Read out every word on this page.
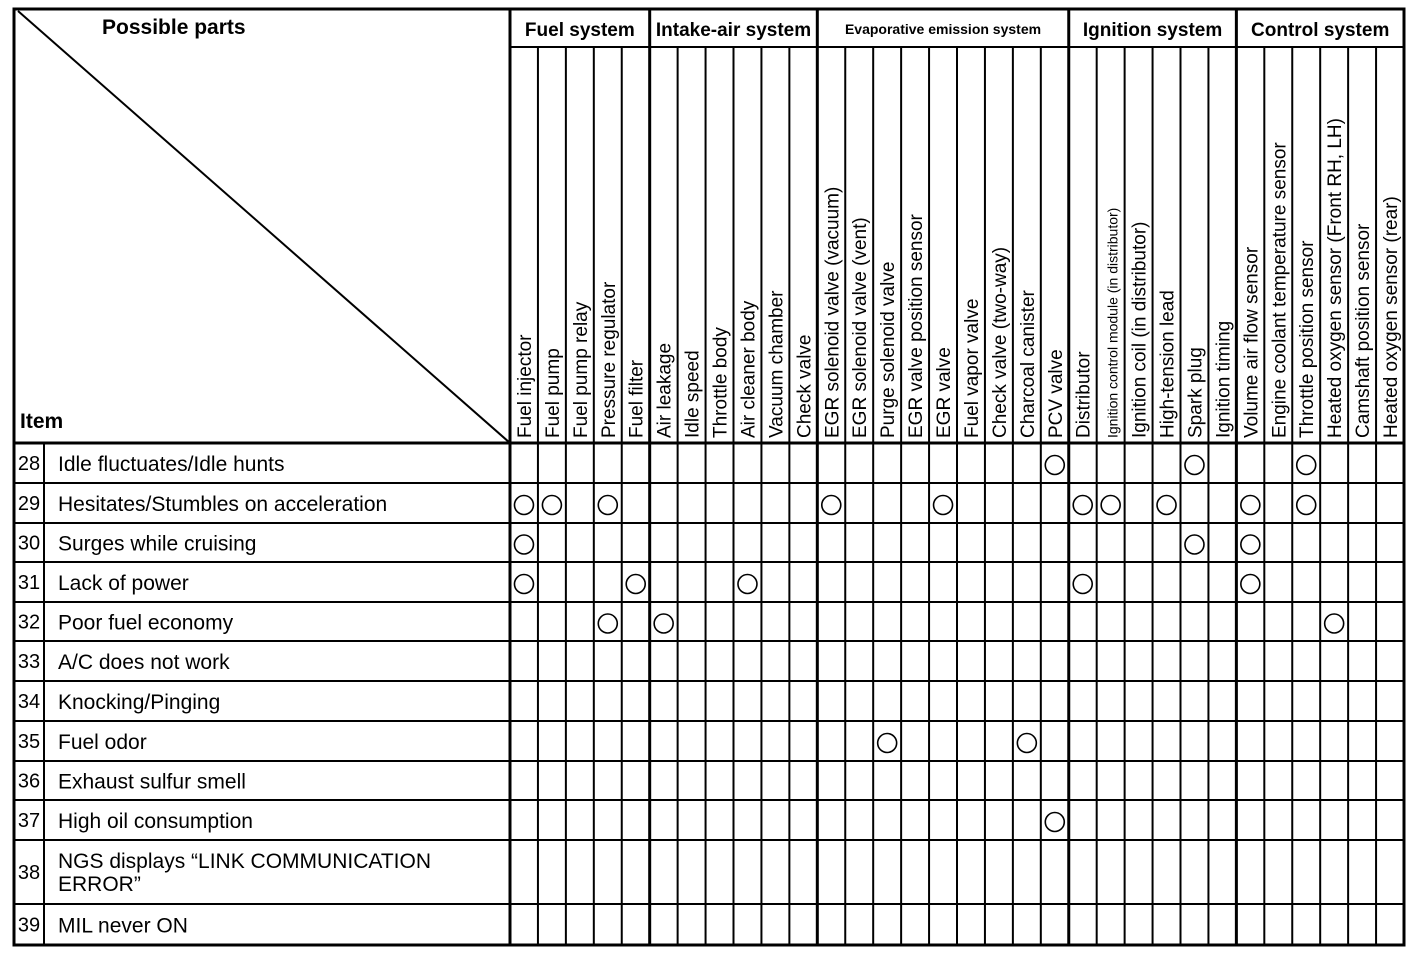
Possible parts
Item
Fuel system Intake-air system Evaporative emission system Ignition system Control system
Fuel injector Fuel pump Fuel pump relay Pressure regulator Fuel filter Air leakage Idle speed Throttle body Air cleaner body Vacuum chamber Check valve EGR solenoid valve (vacuum) EGR solenoid valve (vent) Purge solenoid valve EGR valve position sensor EGR valve Fuel vapor valve Check valve (two-way) Charcoal canister PCV valve Distributor Ignition control module (in distributor) Ignition coil (in distributor) High-tension lead Spark plug Ignition timing Volume air flow sensor Engine coolant temperature sensor Throttle position sensor Heated oxygen sensor (Front RH, LH) Camshaft position sensor Heated oxygen sensor (rear)
28 Idle fluctuates/Idle hunts
29 Hesitates/Stumbles on acceleration
30 Surges while cruising
31 Lack of power
32 Poor fuel economy
33 A/C does not work
34 Knocking/Pinging
35 Fuel odor
36 Exhaust sulfur smell
37 High oil consumption
38 NGS displays “LINK COMMUNICATION
ERROR”
39 MIL never ON
